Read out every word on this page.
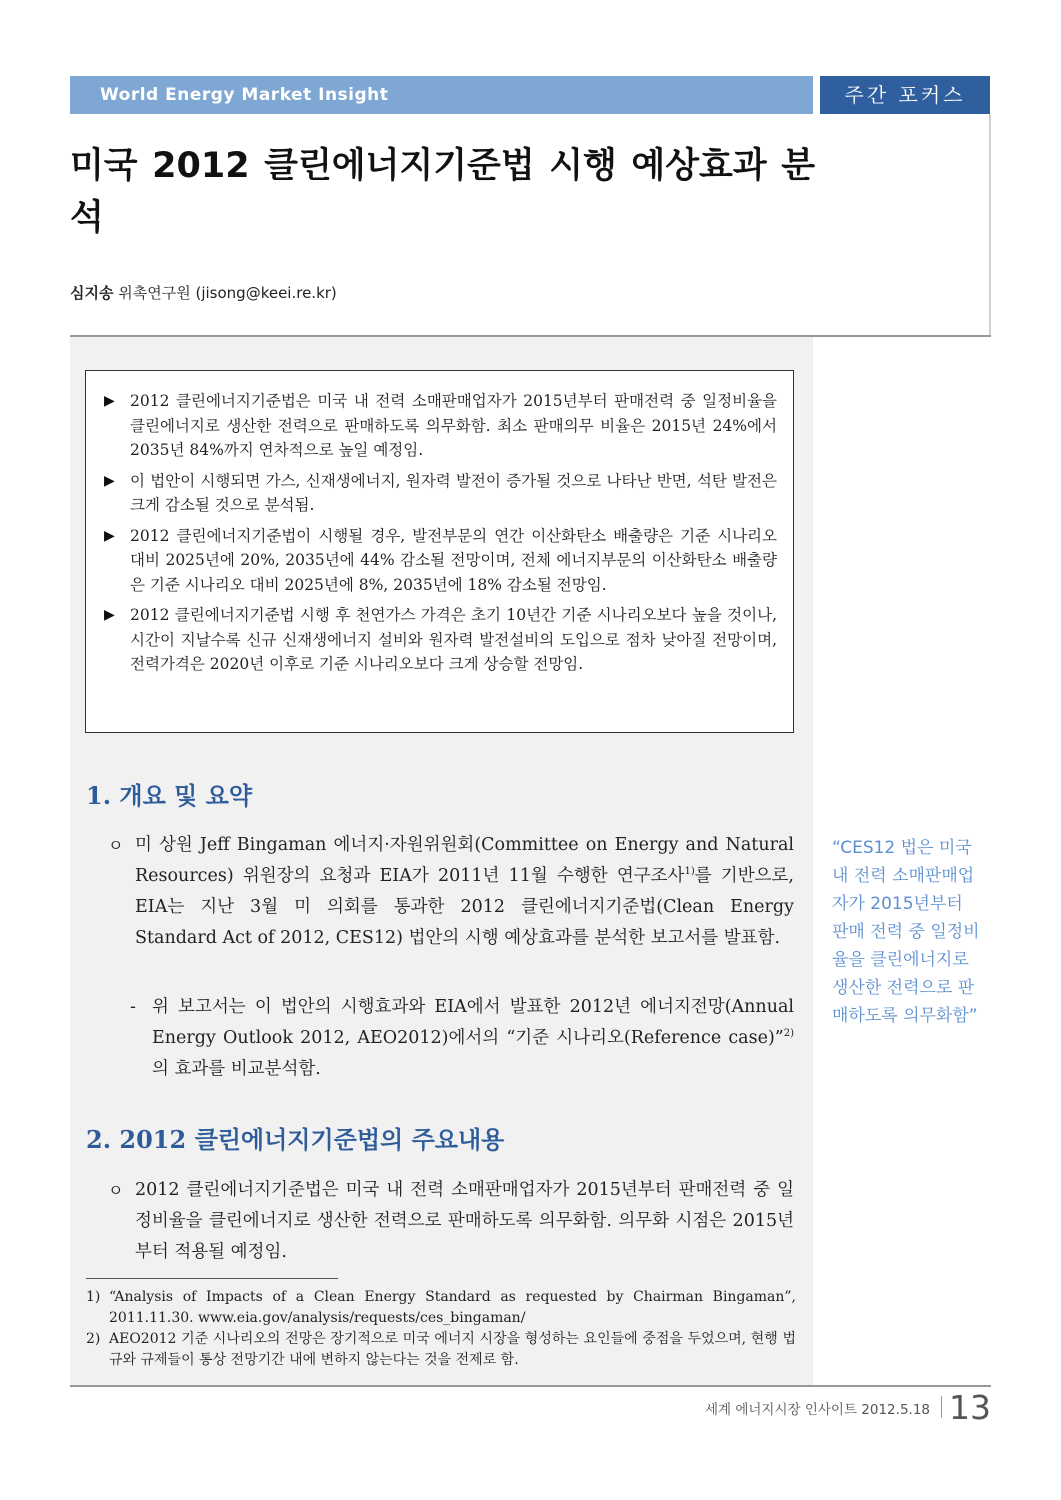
World Energy Market Insight	주간 포커스
미국 2012 클린에너지기준법 시행 예상효과 분석
심지송 위촉연구원 (jisong@keei.re.kr)
▶ 2012 클린에너지기준법은 미국 내 전력 소매판매업자가 2015년부터 판매전력 중 일정비율을 클린에너지로 생산한 전력으로 판매하도록 의무화함. 최소 판매의무 비율은 2015년 24%에서 2035년 84%까지 연차적으로 높일 예정임.
▶ 이 법안이 시행되면 가스, 신재생에너지, 원자력 발전이 증가될 것으로 나타난 반면, 석탄 발전은 크게 감소될 것으로 분석됨.
▶ 2012 클린에너지기준법이 시행될 경우, 발전부문의 연간 이산화탄소 배출량은 기준 시나리오 대비 2025년에 20%, 2035년에 44% 감소될 전망이며, 전체 에너지부문의 이산화탄소 배출량은 기준 시나리오 대비 2025년에 8%, 2035년에 18% 감소될 전망임.
▶ 2012 클린에너지기준법 시행 후 천연가스 가격은 초기 10년간 기준 시나리오보다 높을 것이나, 시간이 지날수록 신규 신재생에너지 설비와 원자력 발전설비의 도입으로 점차 낮아질 전망이며, 전력가격은 2020년 이후로 기준 시나리오보다 크게 상승할 전망임.
1. 개요 및 요약
ㅇ 미 상원 Jeff Bingaman 에너지·자원위원회(Committee on Energy and Natural Resources) 위원장의 요청과 EIA가 2011년 11월 수행한 연구조사$^{1)}$를 기반으로, EIA는 지난 3월 미 의회를 통과한 2012 클린에너지기준법(Clean Energy Standard Act of 2012, CES12) 법안의 시행 예상효과를 분석한 보고서를 발표함.
- 위 보고서는 이 법안의 시행효과와 EIA에서 발표한 2012년 에너지전망(Annual Energy Outlook 2012, AEO2012)에서의 “기준 시나리오(Reference case)”$^{2)}$의 효과를 비교분석함.
2. 2012 클린에너지기준법의 주요내용
ㅇ 2012 클린에너지기준법은 미국 내 전력 소매판매업자가 2015년부터 판매전력 중 일정비율을 클린에너지로 생산한 전력으로 판매하도록 의무화함. 의무화 시점은 2015년부터 적용될 예정임.
1) “Analysis of Impacts of a Clean Energy Standard as requested by Chairman Bingaman”, 2011.11.30. www.eia.gov/analysis/requests/ces_bingaman/
2) AEO2012 기준 시나리오의 전망은 장기적으로 미국 에너지 시장을 형성하는 요인들에 중점을 두었으며, 현행 법규와 규제들이 통상 전망기간 내에 변하지 않는다는 것을 전제로 함.
“CES12 법은 미국 내 전력 소매판매업자가 2015년부터 판매 전력 중 일정비율을 클린에너지로 생산한 전력으로 판매하도록 의무화함”
세계 에너지시장 인사이트 2012.5.18 13
